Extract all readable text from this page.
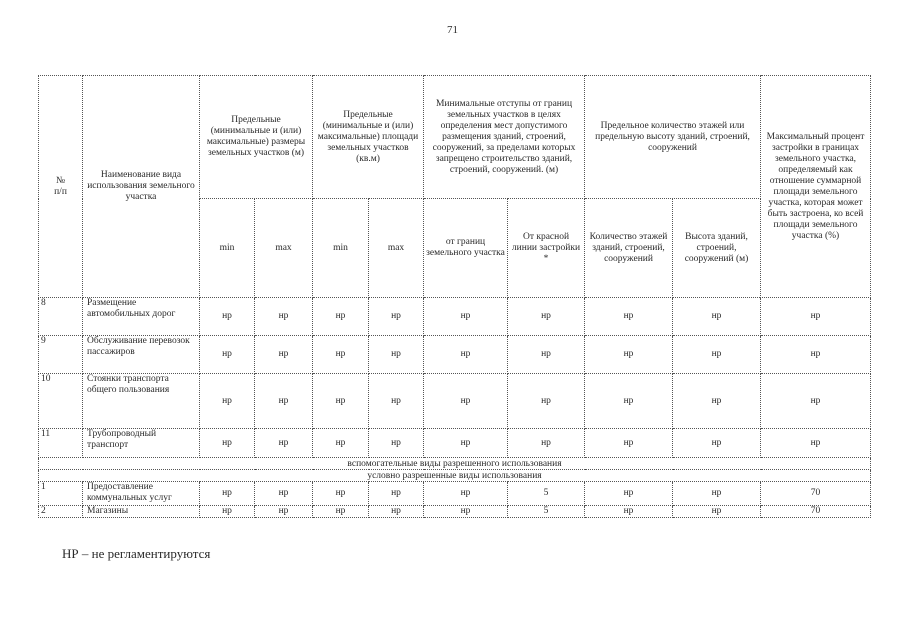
71
№
п/п	Наименование вида использования земельного участка	Предельные (минимальные и (или) максимальные) размеры земельных участков (м)		Предельные (минимальные и (или) максимальные) площади земельных участков (кв.м)		Минимальные отступы от границ земельных участков в целях определения мест допустимого размещения зданий, строений, сооружений, за пределами которых запрещено строительство зданий, строений, сооружений. (м)		Предельное количество этажей или предельную высоту зданий, строений, сооружений		Максимальный процент застройки в границах земельного участка, определяемый как отношение суммарной площади земельного участка, которая может быть застроена, ко всей площади земельного участка (%)
		min	max	min	max	от границ земельного участка	От красной линии застройки *	Количество этажей зданий, строений, сооружений	Высота зданий, строений, сооружений (м)	
8	Размещение автомобильных дорог	нр	нр	нр	нр	нр	нр	нр	нр	нр
9	Обслуживание перевозок пассажиров	нр	нр	нр	нр	нр	нр	нр	нр	нр
10	Стоянки транспорта общего пользования	нр	нр	нр	нр	нр	нр	нр	нр	нр
11	Трубопроводный транспорт	нр	нр	нр	нр	нр	нр	нр	нр	нр
вспомогательные виды разрешенного использования										
условно разрешенные виды использования										
1	Предоставление коммунальных услуг	нр	нр	нр	нр	нр	5	нр	нр	70
2	Магазины	нр	нр	нр	нр	нр	5	нр	нр	70
НР – не регламентируются
